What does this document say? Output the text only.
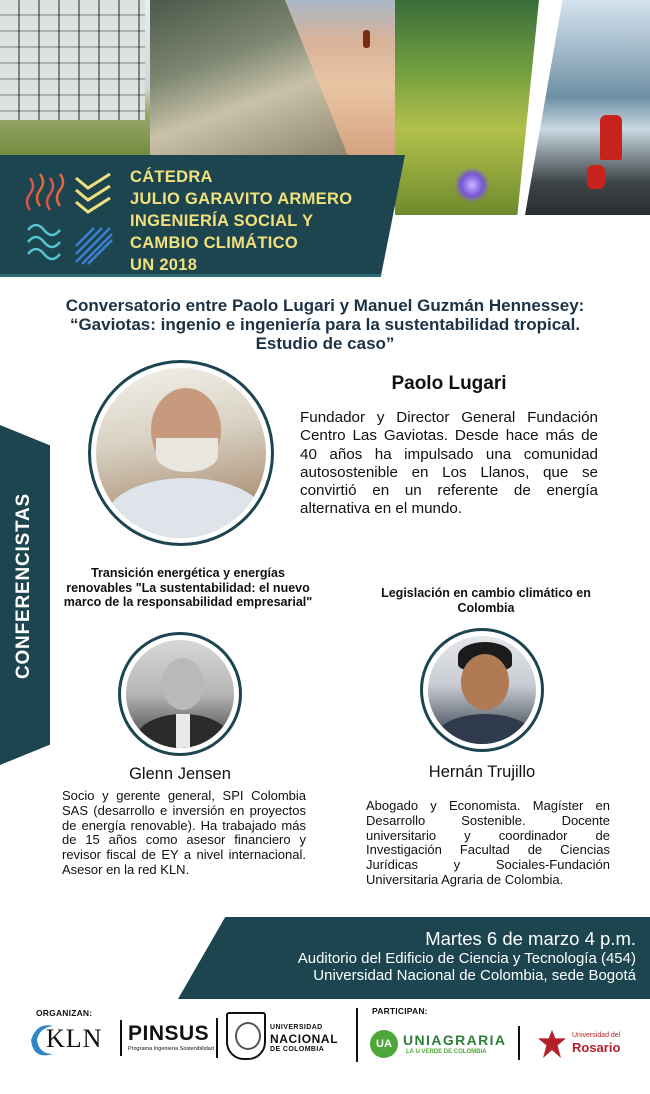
CÁTEDRA
JULIO GARAVITO ARMERO
INGENIERÍA SOCIAL Y
CAMBIO CLIMÁTICO
UN 2018
Conversatorio entre Paolo Lugari y Manuel Guzmán Hennessey:
“Gaviotas: ingenio e ingeniería para la sustentabilidad tropical.
Estudio de caso”
CONFERENCISTAS
Paolo Lugari
Fundador y Director General Fundación Centro Las Gaviotas. Desde hace más de 40 años ha impulsado una comunidad autosostenible en Los Llanos, que se convirtió en un referente de energía alternativa en el mundo.
Transición energética y energías renovables "La sustentabilidad: el nuevo marco de la responsabilidad empresarial"
Glenn Jensen
Socio y gerente general, SPI Colombia SAS (desarrollo e inversión en proyectos de energía renovable). Ha trabajado más de 15 años como asesor financiero y revisor fiscal de EY a nivel internacional. Asesor en la red KLN.
Legislación en cambio climático en Colombia
Hernán Trujillo
Abogado y Economista. Magíster en Desarrollo Sostenible. Docente universitario y coordinador de Investigación Facultad de Ciencias Jurídicas y Sociales-Fundación Universitaria Agraria de Colombia.
Martes 6 de marzo 4 p.m.
Auditorio del Edificio de Ciencia y Tecnología (454)
Universidad Nacional de Colombia, sede Bogotá
ORGANIZAN:	PARTICIPAN:
KLN PINSUS
Programa Ingeniería Sostenibilidad
UNIVERSIDAD
NACIONAL
DE COLOMBIA	UA UNIAGRARIA
LA U VERDE DE COLOMBIA
Universidad del
Rosario
